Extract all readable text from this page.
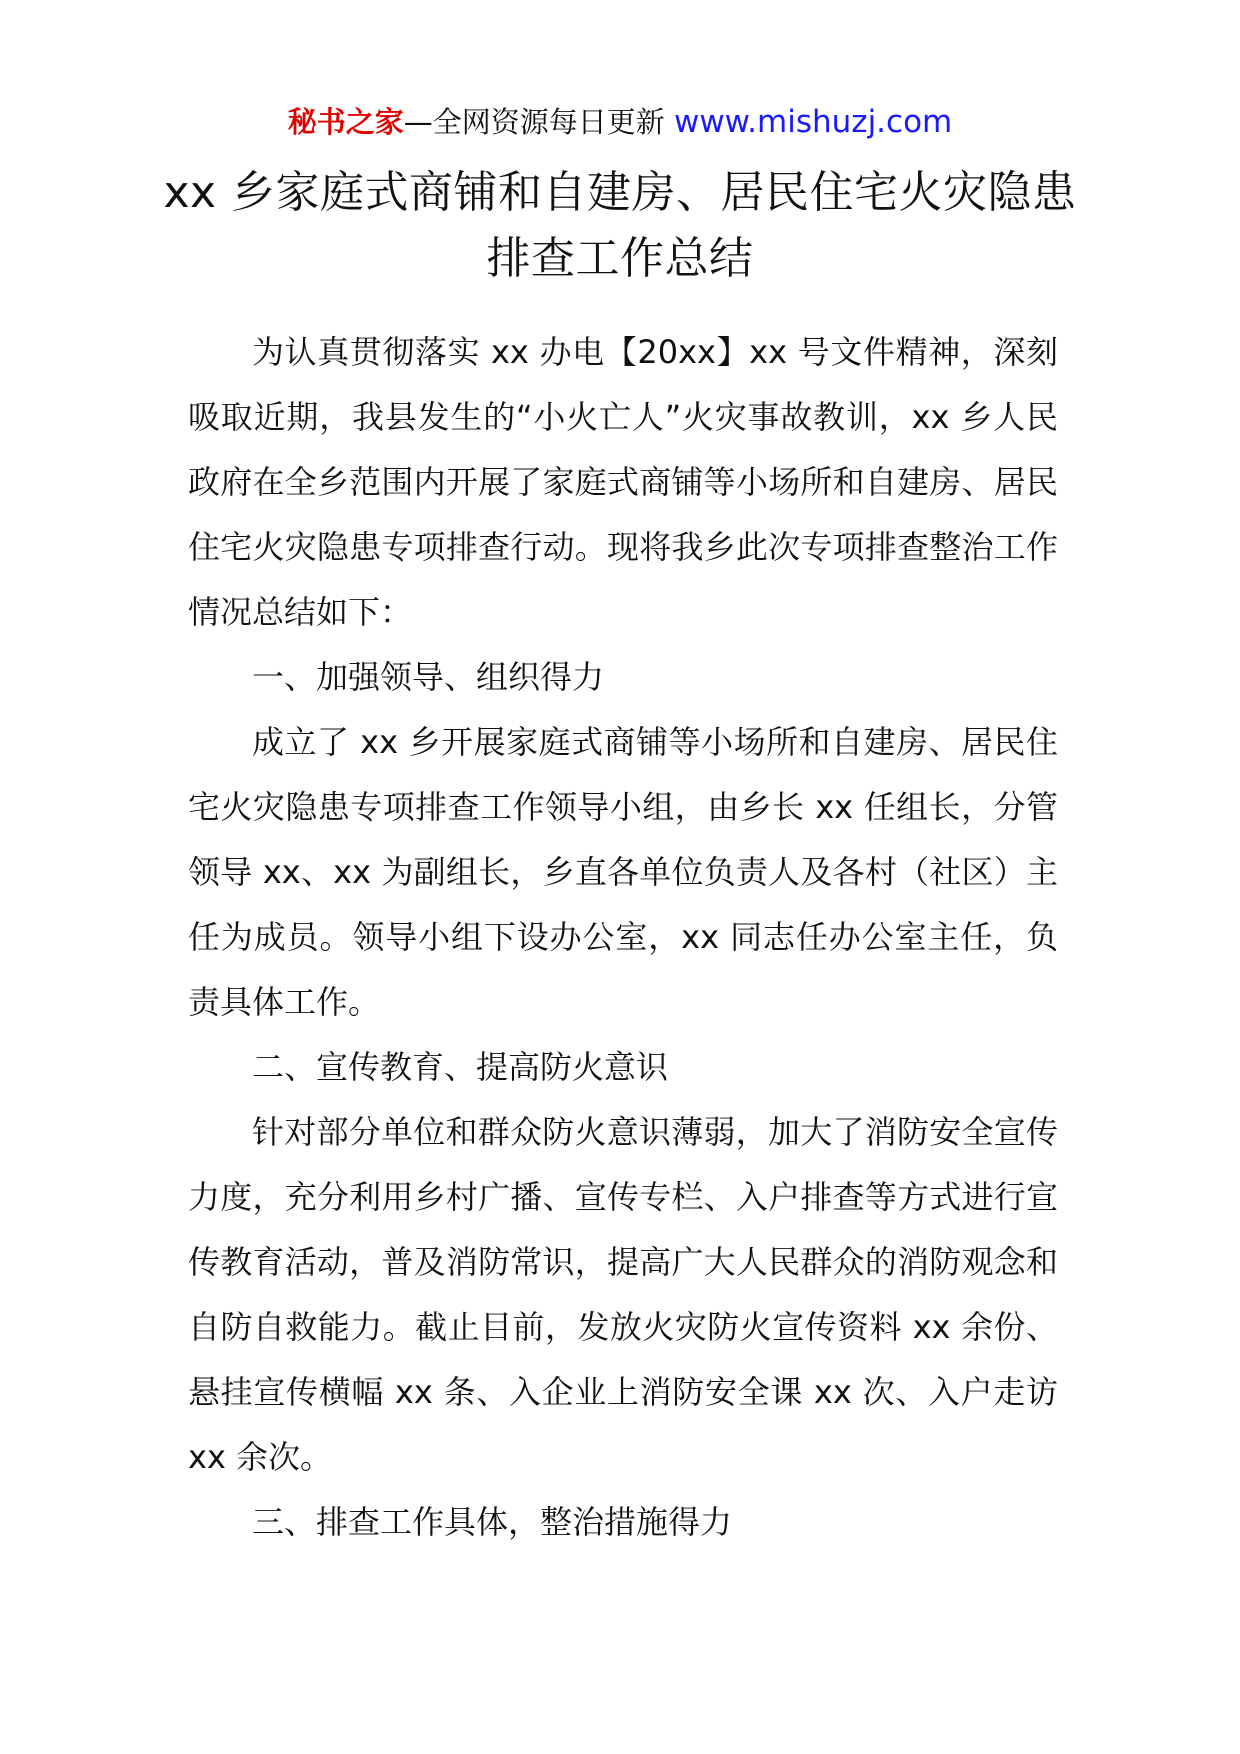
秘书之家—全网资源每日更新 www.mishuzj.com
xx 乡家庭式商铺和自建房、居民住宅火灾隐患排查工作总结

为认真贯彻落实 xx 办电【20xx】xx 号文件精神，深刻吸取近期，我县发生的“小火亡人”火灾事故教训，xx 乡人民政府在全乡范围内开展了家庭式商铺等小场所和自建房、居民住宅火灾隐患专项排查行动。现将我乡此次专项排查整治工作情况总结如下：

一、加强领导、组织得力

成立了 xx 乡开展家庭式商铺等小场所和自建房、居民住宅火灾隐患专项排查工作领导小组，由乡长 xx 任组长，分管领导 xx、xx 为副组长，乡直各单位负责人及各村（社区）主任为成员。领导小组下设办公室，xx 同志任办公室主任，负责具体工作。

二、宣传教育、提高防火意识

针对部分单位和群众防火意识薄弱，加大了消防安全宣传力度，充分利用乡村广播、宣传专栏、入户排查等方式进行宣传教育活动，普及消防常识，提高广大人民群众的消防观念和自防自救能力。截止目前，发放火灾防火宣传资料 xx 余份、悬挂宣传横幅 xx 条、入企业上消防安全课 xx 次、入户走访 xx 余次。

三、排查工作具体，整治措施得力
